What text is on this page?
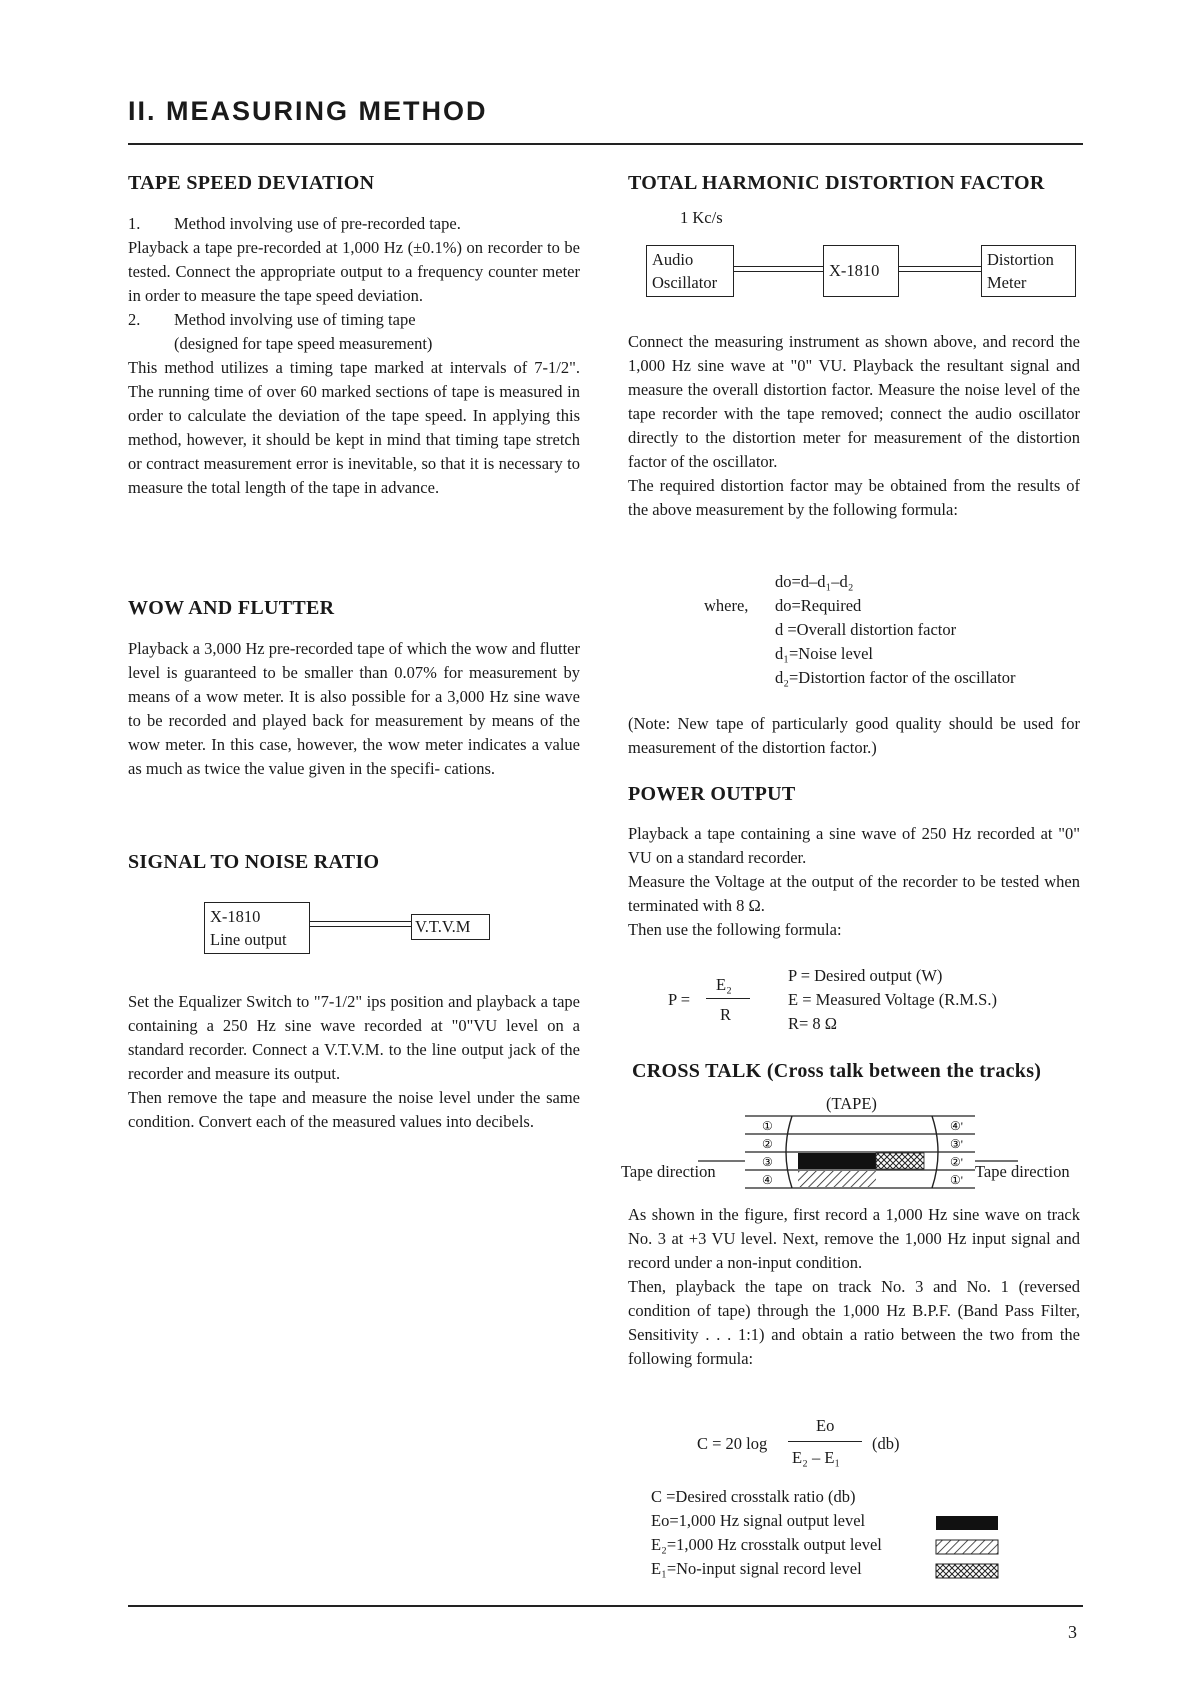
II. MEASURING METHOD
TAPE SPEED DEVIATION

1. Method involving use of pre-recorded tape.

Playback a tape pre-recorded at 1,000 Hz (±0.1%) on recorder to be tested. Connect the appropriate output to a frequency counter meter in order to measure the tape speed deviation.

2. Method involving use of timing tape

(designed for tape speed measurement)

This method utilizes a timing tape marked at intervals of 7-1/2". The running time of over 60 marked sections of tape is measured in order to calculate the deviation of the tape speed. In applying this method, however, it should be kept in mind that timing tape stretch or contract measurement error is inevitable, so that it is necessary to measure the total length of the tape in advance.

WOW AND FLUTTER

Playback a 3,000 Hz pre-recorded tape of which the wow and flutter level is guaranteed to be smaller than 0.07% for measurement by means of a wow meter. It is also possible for a 3,000 Hz sine wave to be recorded and played back for measurement by means of the wow meter. In this case, however, the wow meter indicates a value as much as twice the value given in the specifi- cations.

SIGNAL TO NOISE RATIO
X-1810
Line output
V.T.V.M

Set the Equalizer Switch to "7-1/2" ips position and playback a tape containing a 250 Hz sine wave recorded at "0"VU level on a standard recorder. Connect a V.T.V.M. to the line output jack of the recorder and measure its output.

Then remove the tape and measure the noise level under the same condition. Convert each of the measured values into decibels.

TOTAL HARMONIC DISTORTION FACTOR
1 Kc/s
Audio
Oscillator
X-1810
Distortion
Meter

Connect the measuring instrument as shown above, and record the 1,000 Hz sine wave at "0" VU. Playback the resultant signal and measure the overall distortion factor. Measure the noise level of the tape recorder with the tape removed; connect the audio oscillator directly to the distortion meter for measurement of the distortion factor of the oscillator.

The required distortion factor may be obtained from the results of the above measurement by the following formula:

do=d–d₁–d₂
where, do=Required
d =Overall distortion factor
d₁=Noise level
d₂=Distortion factor of the oscillator

(Note: New tape of particularly good quality should be used for measurement of the distortion factor.)

POWER OUTPUT

Playback a tape containing a sine wave of 250 Hz recorded at "0" VU on a standard recorder.

Measure the Voltage at the output of the recorder to be tested when terminated with 8 Ω.

Then use the following formula:

P =
E₂
R
P = Desired output (W)
E = Measured Voltage (R.M.S.)
R= 8 Ω
CROSS TALK (Cross talk between the tracks)
(TAPE)
①
②
③
④
④'
③'
②'
①'
Tape direction	Tape direction

As shown in the figure, first record a 1,000 Hz sine wave on track No. 3 at +3 VU level. Next, remove the 1,000 Hz input signal and record under a non-input condition.

Then, playback the tape on track No. 3 and No. 1 (reversed condition of tape) through the 1,000 Hz B.P.F. (Band Pass Filter, Sensitivity . . . 1:1) and obtain a ratio between the two from the following formula:

C = 20 log
Eo
E₂ – E₁
(db)
C =Desired crosstalk ratio (db)
Eo=1,000 Hz signal output level
E₂=1,000 Hz crosstalk output level
E₁=No-input signal record level
3
